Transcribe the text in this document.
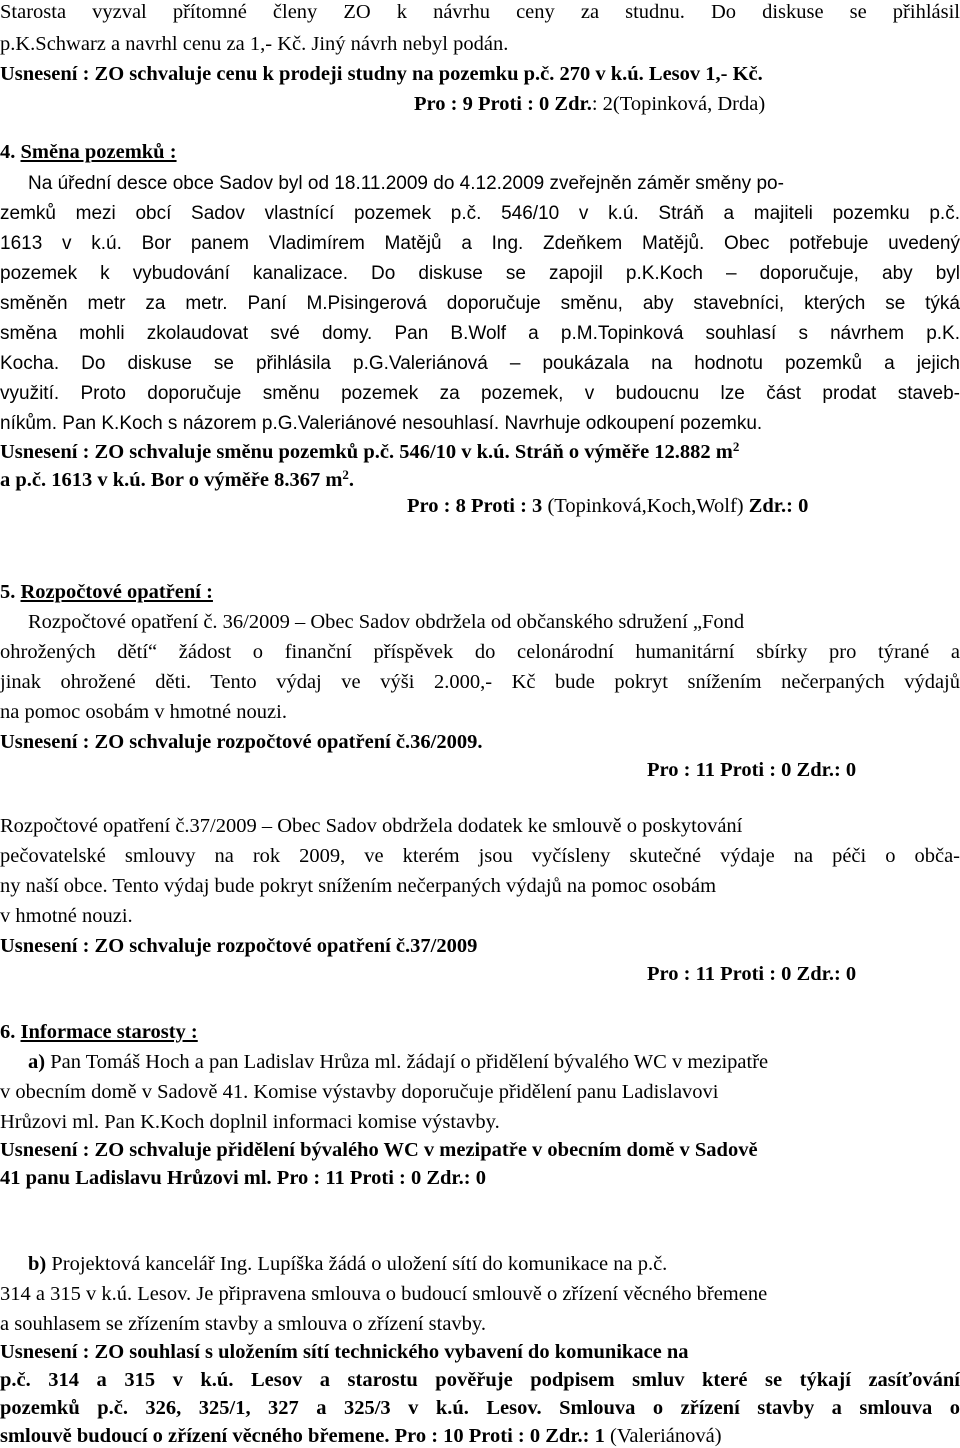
Starosta vyzval přítomné členy ZO k návrhu ceny za studnu. Do diskuse se přihlásil
p.K.Schwarz a navrhl cenu za 1,- Kč. Jiný návrh nebyl podán.
Usnesení : ZO schvaluje cenu k prodeji studny na pozemku p.č. 270 v k.ú. Lesov 1,- Kč.
Pro : 9 Proti : 0 Zdr.: 2(Topinková, Drda)
4. Směna pozemků :
Na úřední desce obce Sadov byl od 18.11.2009 do 4.12.2009 zveřejněn záměr směny po-
zemků mezi obcí Sadov vlastnící pozemek p.č. 546/10 v k.ú. Stráň a majiteli pozemku p.č.
1613 v k.ú. Bor panem Vladimírem Matějů a Ing. Zdeňkem Matějů. Obec potřebuje uvedený
pozemek k vybudování kanalizace. Do diskuse se zapojil p.K.Koch – doporučuje, aby byl
směněn metr za metr. Paní M.Pisingerová doporučuje směnu, aby stavebníci, kterých se týká
směna mohli zkolaudovat své domy. Pan B.Wolf a p.M.Topinková souhlasí s návrhem p.K.
Kocha. Do diskuse se přihlásila p.G.Valeriánová – poukázala na hodnotu pozemků a jejich
využití. Proto doporučuje směnu pozemek za pozemek, v budoucnu lze část prodat staveb-
níkům. Pan K.Koch s názorem p.G.Valeriánové nesouhlasí. Navrhuje odkoupení pozemku.
Usnesení : ZO schvaluje směnu pozemků p.č. 546/10 v k.ú. Stráň o výměře 12.882 $m^2$
a p.č. 1613 v k.ú. Bor o výměře 8.367 $m^2$.
Pro : 8 Proti : 3 (Topinková,Koch,Wolf) Zdr.: 0
5. Rozpočtové opatření :
Rozpočtové opatření č. 36/2009 – Obec Sadov obdržela od občanského sdružení „Fond
ohrožených dětí“ žádost o finanční příspěvek do celonárodní humanitární sbírky pro týrané a
jinak ohrožené děti. Tento výdaj ve výši 2.000,- Kč bude pokryt snížením nečerpaných výdajů
na pomoc osobám v hmotné nouzi.
Usnesení : ZO schvaluje rozpočtové opatření č.36/2009.
Pro : 11 Proti : 0 Zdr.: 0
Rozpočtové opatření č.37/2009 – Obec Sadov obdržela dodatek ke smlouvě o poskytování
pečovatelské smlouvy na rok 2009, ve kterém jsou vyčísleny skutečné výdaje na péči o obča-
ny naší obce. Tento výdaj bude pokryt snížením nečerpaných výdajů na pomoc osobám
v hmotné nouzi.
Usnesení : ZO schvaluje rozpočtové opatření č.37/2009
Pro : 11 Proti : 0 Zdr.: 0
6. Informace starosty :
a) Pan Tomáš Hoch a pan Ladislav Hrůza ml. žádají o přidělení bývalého WC v mezipatře
v obecním domě v Sadově 41. Komise výstavby doporučuje přidělení panu Ladislavovi
Hrůzovi ml. Pan K.Koch doplnil informaci komise výstavby.
Usnesení : ZO schvaluje přidělení bývalého WC v mezipatře v obecním domě v Sadově
41 panu Ladislavu Hrůzovi ml. Pro : 11 Proti : 0 Zdr.: 0
b) Projektová kancelář Ing. Lupíška žádá o uložení sítí do komunikace na p.č.
314 a 315 v k.ú. Lesov. Je připravena smlouva o budoucí smlouvě o zřízení věcného břemene
a souhlasem se zřízením stavby a smlouva o zřízení stavby.
Usnesení : ZO souhlasí s uložením sítí technického vybavení do komunikace na
p.č. 314 a 315 v k.ú. Lesov a starostu pověřuje podpisem smluv které se týkají zasíťování
pozemků p.č. 326, 325/1, 327 a 325/3 v k.ú. Lesov. Smlouva o zřízení stavby a smlouva o
smlouvě budoucí o zřízení věcného břemene. Pro : 10 Proti : 0 Zdr.: 1 (Valeriánová)
